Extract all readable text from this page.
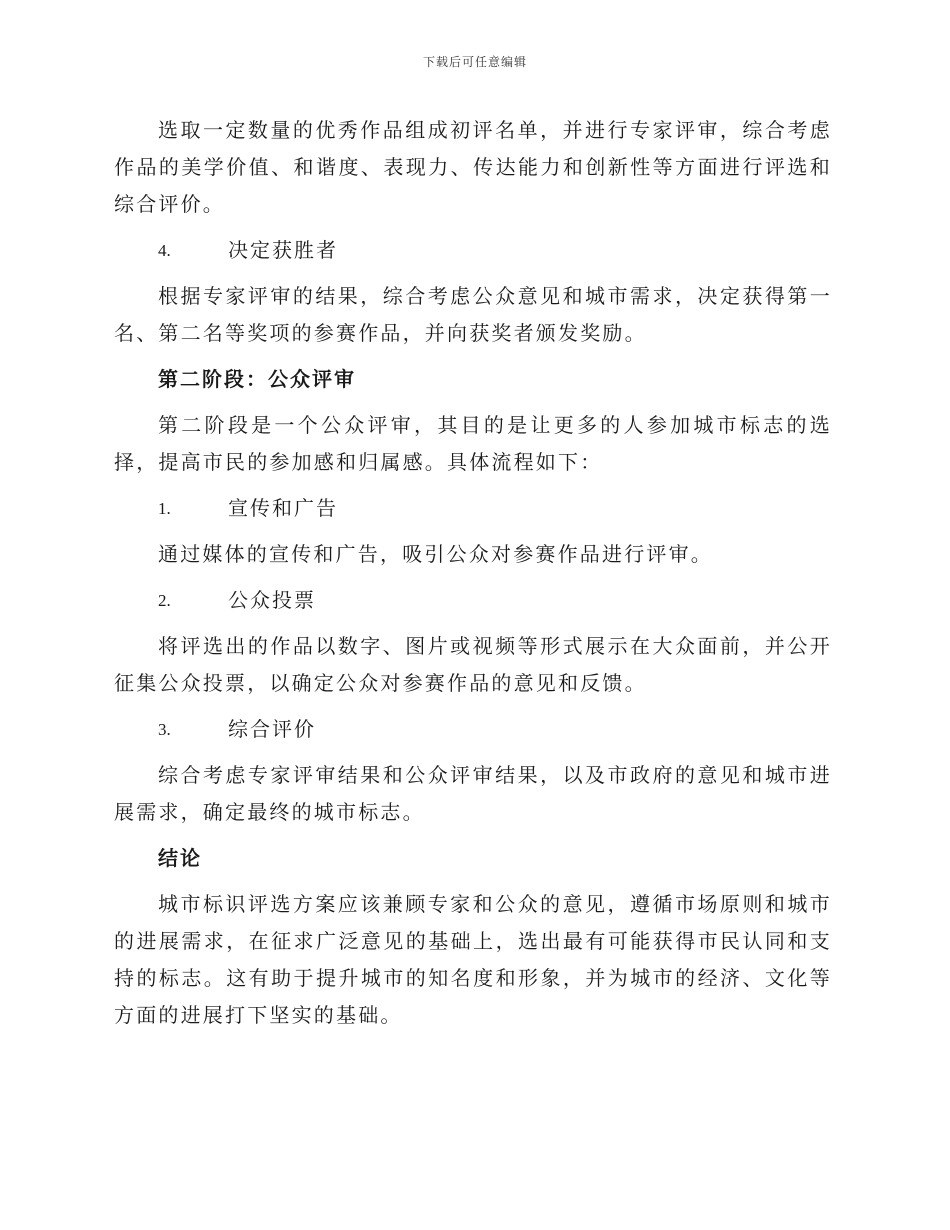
下载后可任意编辑

选取一定数量的优秀作品组成初评名单，并进行专家评审，综合考虑作品的美学价值、和谐度、表现力、传达能力和创新性等方面进行评选和综合评价。

4.	决定获胜者

根据专家评审的结果，综合考虑公众意见和城市需求，决定获得第一名、第二名等奖项的参赛作品，并向获奖者颁发奖励。

第二阶段：公众评审

第二阶段是一个公众评审，其目的是让更多的人参加城市标志的选择，提高市民的参加感和归属感。具体流程如下：

1.	宣传和广告

通过媒体的宣传和广告，吸引公众对参赛作品进行评审。

2.	公众投票

将评选出的作品以数字、图片或视频等形式展示在大众面前，并公开征集公众投票，以确定公众对参赛作品的意见和反馈。

3.	综合评价

综合考虑专家评审结果和公众评审结果，以及市政府的意见和城市进展需求，确定最终的城市标志。

结论

城市标识评选方案应该兼顾专家和公众的意见，遵循市场原则和城市的进展需求，在征求广泛意见的基础上，选出最有可能获得市民认同和支持的标志。这有助于提升城市的知名度和形象，并为城市的经济、文化等方面的进展打下坚实的基础。
